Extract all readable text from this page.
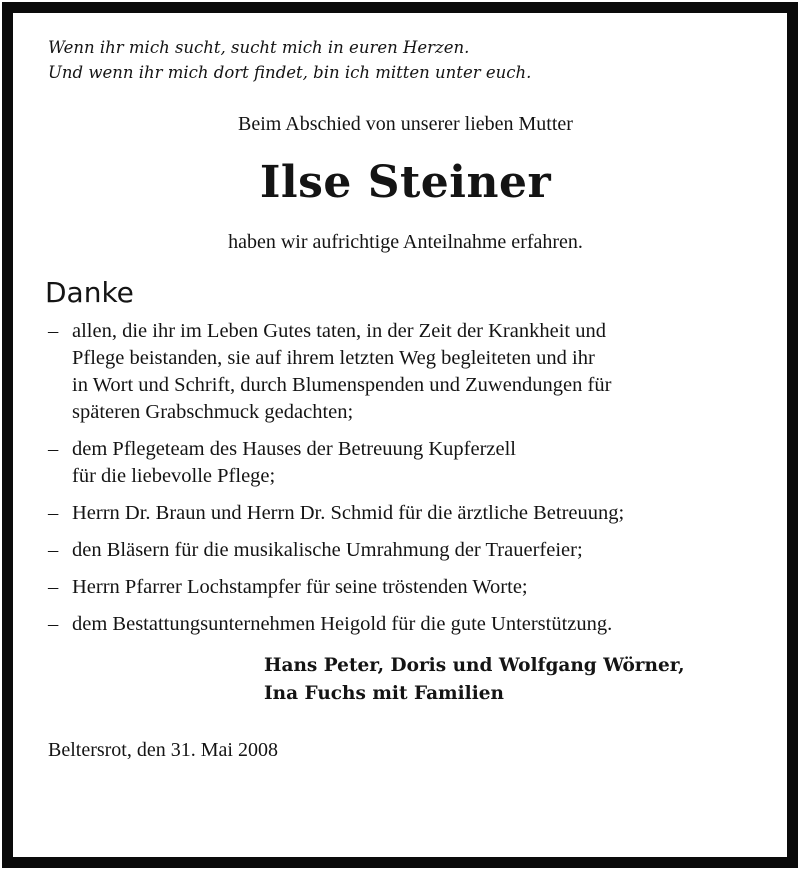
Wenn ihr mich sucht, sucht mich in euren Herzen.
Und wenn ihr mich dort findet, bin ich mitten unter euch.

Beim Abschied von unserer lieben Mutter

Ilse Steiner

haben wir aufrichtige Anteilnahme erfahren.

Danke

– allen, die ihr im Leben Gutes taten, in der Zeit der Krankheit und
Pflege beistanden, sie auf ihrem letzten Weg begleiteten und ihr
in Wort und Schrift, durch Blumenspenden und Zuwendungen für
späteren Grabschmuck gedachten;
– dem Pflegeteam des Hauses der Betreuung Kupferzell
für die liebevolle Pflege;
– Herrn Dr. Braun und Herrn Dr. Schmid für die ärztliche Betreuung;
– den Bläsern für die musikalische Umrahmung der Trauerfeier;
– Herrn Pfarrer Lochstampfer für seine tröstenden Worte;
– dem Bestattungsunternehmen Heigold für die gute Unterstützung.

Hans Peter, Doris und Wolfgang Wörner,
Ina Fuchs mit Familien

Beltersrot, den 31. Mai 2008
